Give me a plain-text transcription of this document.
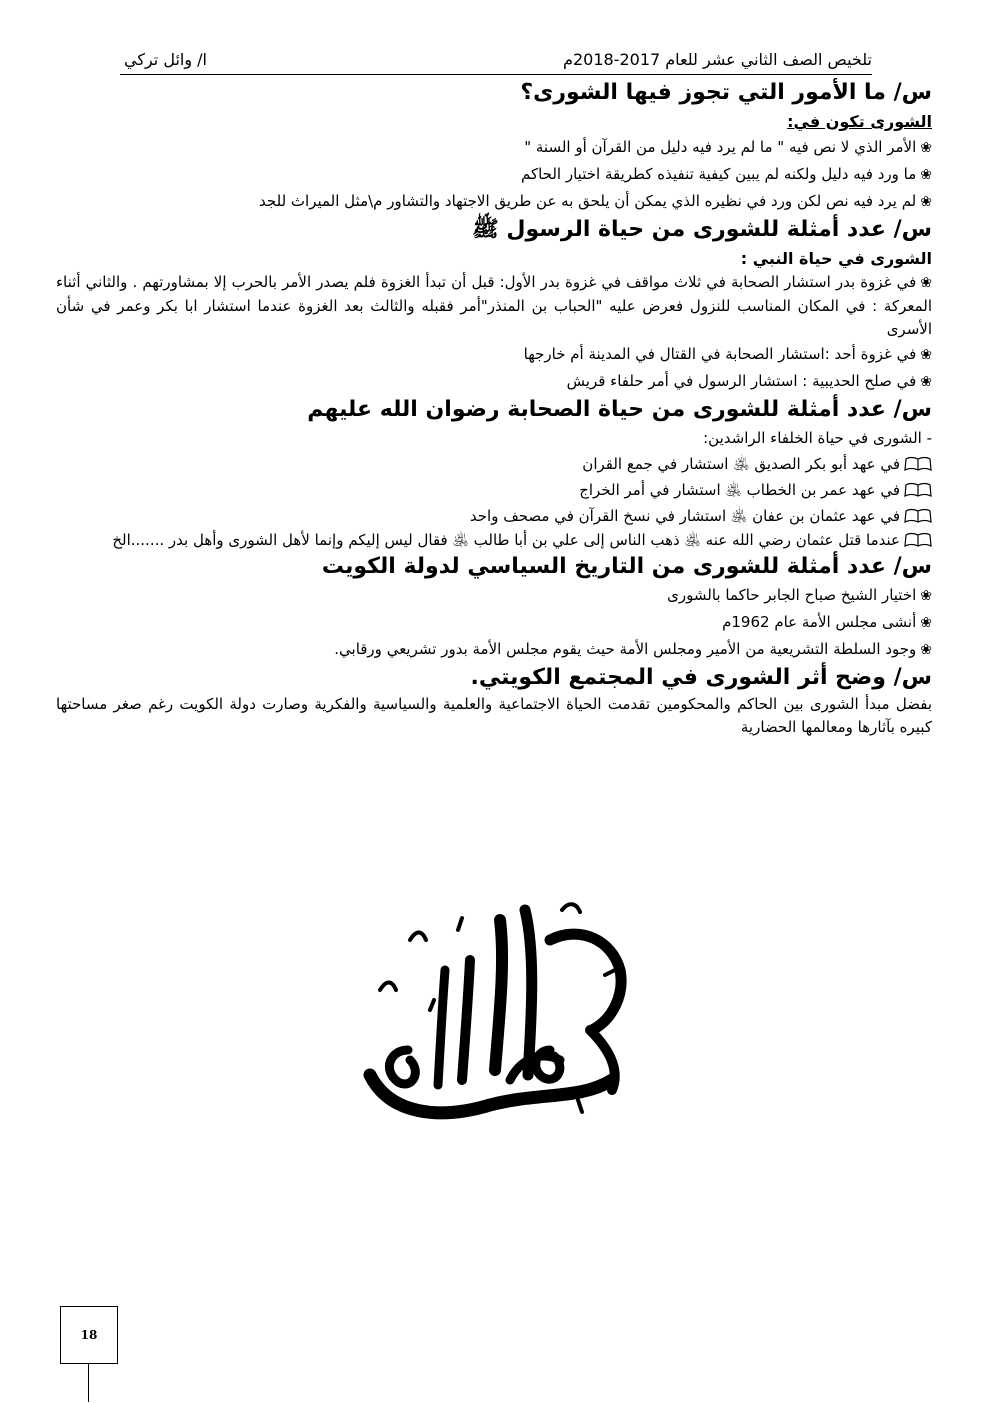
تلخيص الصف الثاني عشر للعام 2017-2018م
ا/ وائل تركي

س/ ما الأمور التي تجوز فيها الشورى؟

الشورى تكون في:

❀الأمر الذي لا نص فيه " ما لم يرد فيه دليل من القرآن أو السنة "

❀ما ورد فيه دليل ولكنه لم يبين كيفية تنفيذه كطريقة اختيار الحاكم

❀لم يرد فيه نص لكن ورد في نظيره الذي يمكن أن يلحق به عن طريق الاجتهاد والتشاور م\مثل الميراث للجد

س/ عدد أمثلة للشورى من حياة الرسول ﷺ

الشورى في حياة النبي :

❀في غزوة بدر استشار الصحابة في ثلاث مواقف في غزوة بدر الأول: قبل أن تبدأ الغزوة فلم يصدر الأمر بالحرب إلا بمشاورتهم . والثاني أثناء المعركة : في المكان المناسب للنزول فعرض عليه "الحباب بن المنذر"أمر فقبله والثالث بعد الغزوة عندما استشار ابا بكر وعمر في شأن الأسرى

❀في غزوة أحد :استشار الصحابة في القتال في المدينة أم خارجها

❀في صلح الحديبية : استشار الرسول في أمر حلفاء قريش

س/ عدد أمثلة للشورى من حياة الصحابة رضوان الله عليهم

- الشورى في حياة الخلفاء الراشدين:

في عهد أبو بكر الصديق ﵁ استشار في جمع القران

في عهد عمر بن الخطاب ﵁ استشار في أمر الخراج

في عهد عثمان بن عفان ﵁ استشار في نسخ القرآن في مصحف واحد

عندما قتل عثمان رضي الله عنه ﵁ ذهب الناس إلى علي بن أبا طالب ﵁ فقال ليس إليكم وإنما لأهل الشورى وأهل بدر .......الخ

س/ عدد أمثلة للشورى من التاريخ السياسي لدولة الكويت

❀اختيار الشيخ صباح الجابر حاكما بالشورى

❀أنشى مجلس الأمة عام 1962م

❀وجود السلطة التشريعية من الأمير ومجلس الأمة حيث يقوم مجلس الأمة بدور تشريعي ورقابي.

س/ وضح أثر الشورى في المجتمع الكويتي.

بفضل مبدأ الشورى بين الحاكم والمحكومين تقدمت الحياة الاجتماعية والعلمية والسياسية والفكرية وصارت دولة الكويت رغم صغر مساحتها كبيره بآثارها ومعالمها الحضارية

18
